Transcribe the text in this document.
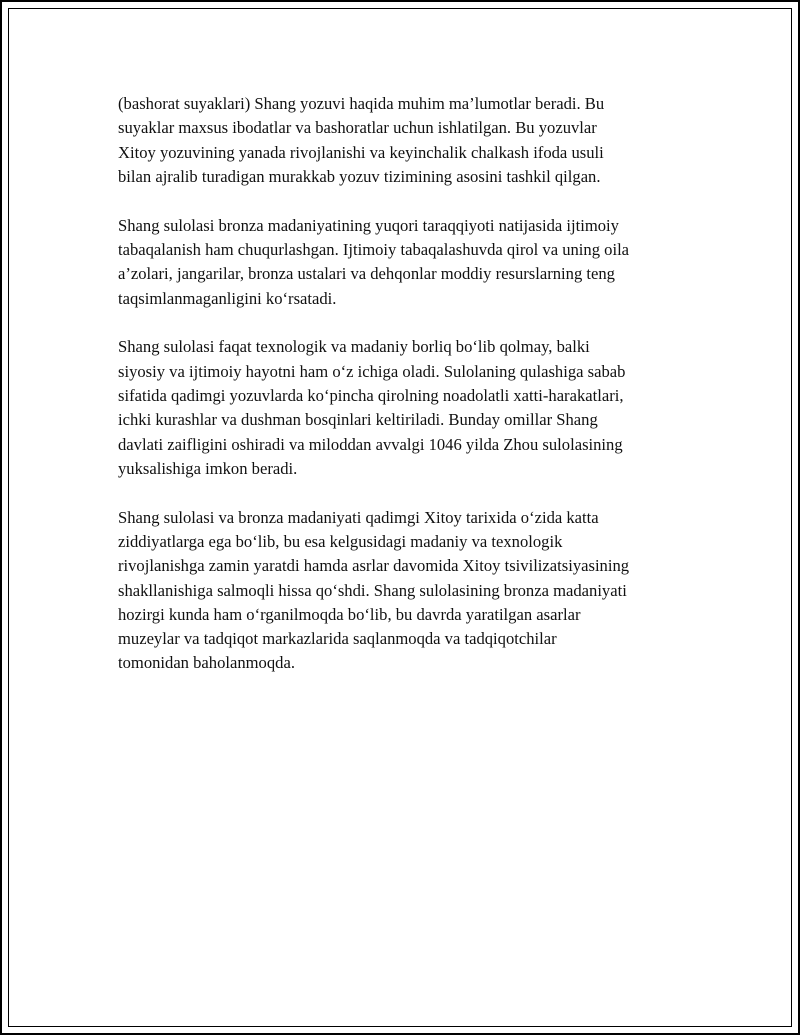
(bashorat suyaklari) Shang yozuvi haqida muhim ma’lumotlar beradi. Bu
suyaklar maxsus ibodatlar va bashoratlar uchun ishlatilgan. Bu yozuvlar
Xitoy yozuvining yanada rivojlanishi va keyinchalik chalkash ifoda usuli
bilan ajralib turadigan murakkab yozuv tizimining asosini tashkil qilgan.

Shang sulolasi bronza madaniyatining yuqori taraqqiyoti natijasida ijtimoiy
tabaqalanish ham chuqurlashgan. Ijtimoiy tabaqalashuvda qirol va uning oila
a’zolari, jangarilar, bronza ustalari va dehqonlar moddiy resurslarning teng
taqsimlanmaganligini ko‘rsatadi.

Shang sulolasi faqat texnologik va madaniy borliq bo‘lib qolmay, balki
siyosiy va ijtimoiy hayotni ham o‘z ichiga oladi. Sulolaning qulashiga sabab
sifatida qadimgi yozuvlarda ko‘pincha qirolning noadolatli xatti-harakatlari,
ichki kurashlar va dushman bosqinlari keltiriladi. Bunday omillar Shang
davlati zaifligini oshiradi va miloddan avvalgi 1046 yilda Zhou sulolasining
yuksalishiga imkon beradi.

Shang sulolasi va bronza madaniyati qadimgi Xitoy tarixida o‘zida katta
ziddiyatlarga ega bo‘lib, bu esa kelgusidagi madaniy va texnologik
rivojlanishga zamin yaratdi hamda asrlar davomida Xitoy tsivilizatsiyasining
shakllanishiga salmoqli hissa qo‘shdi. Shang sulolasining bronza madaniyati
hozirgi kunda ham o‘rganilmoqda bo‘lib, bu davrda yaratilgan asarlar
muzeylar va tadqiqot markazlarida saqlanmoqda va tadqiqotchilar
tomonidan baholanmoqda.
